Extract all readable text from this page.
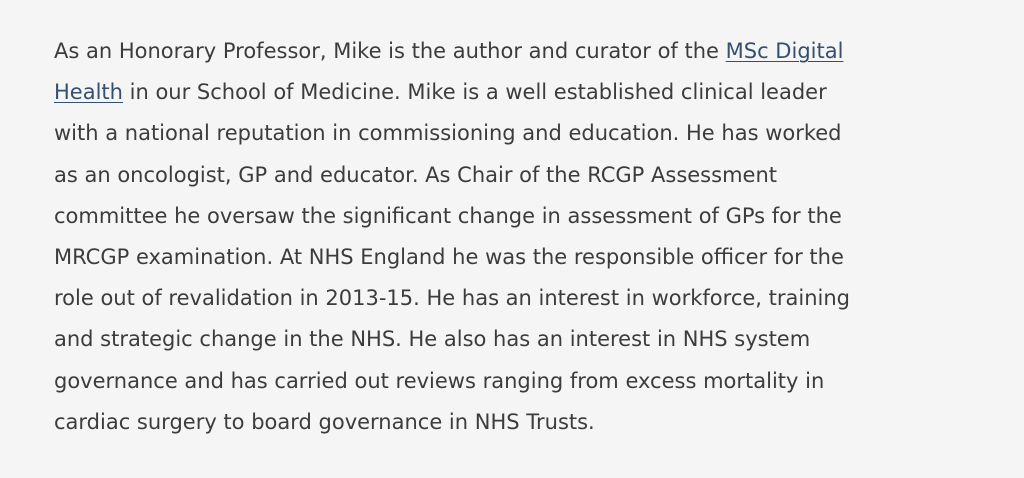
As an Honorary Professor, Mike is the author and curator of the MSc Digital
Health in our School of Medicine. Mike is a well established clinical leader
with a national reputation in commissioning and education. He has worked
as an oncologist, GP and educator. As Chair of the RCGP Assessment
committee he oversaw the significant change in assessment of GPs for the
MRCGP examination. At NHS England he was the responsible officer for the
role out of revalidation in 2013-15. He has an interest in workforce, training
and strategic change in the NHS. He also has an interest in NHS system
governance and has carried out reviews ranging from excess mortality in
cardiac surgery to board governance in NHS Trusts.
